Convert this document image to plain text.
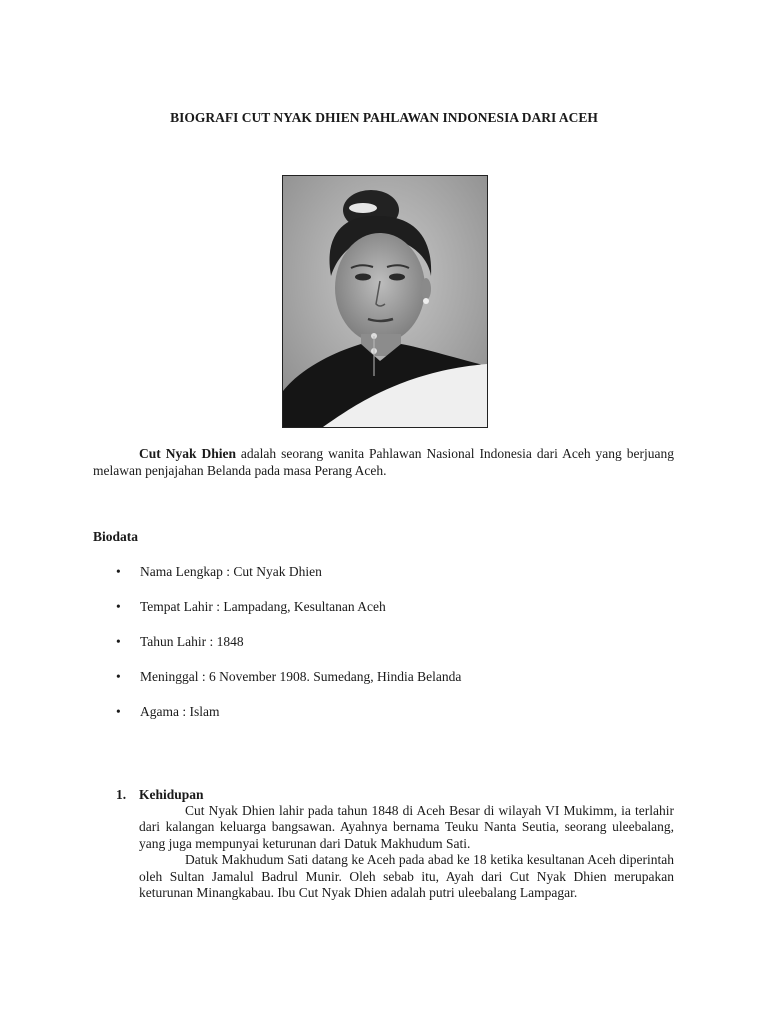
BIOGRAFI CUT NYAK DHIEN PAHLAWAN INDONESIA DARI ACEH
Cut Nyak Dhien adalah seorang wanita Pahlawan Nasional Indonesia dari Aceh yang berjuang melawan penjajahan Belanda pada masa Perang Aceh.
Biodata
•	Nama Lengkap : Cut Nyak Dhien
•	Tempat Lahir : Lampadang, Kesultanan Aceh
•	Tahun Lahir : 1848
•	Meninggal : 6 November 1908. Sumedang, Hindia Belanda
•	Agama : Islam
1. Kehidupan

Cut Nyak Dhien lahir pada tahun 1848 di Aceh Besar di wilayah VI Mukimm, ia terlahir dari kalangan keluarga bangsawan. Ayahnya bernama Teuku Nanta Seutia, seorang uleebalang, yang juga mempunyai keturunan dari Datuk Makhudum Sati.

Datuk Makhudum Sati datang ke Aceh pada abad ke 18 ketika kesultanan Aceh diperintah oleh Sultan Jamalul Badrul Munir. Oleh sebab itu, Ayah dari Cut Nyak Dhien merupakan keturunan Minangkabau. Ibu Cut Nyak Dhien adalah putri uleebalang Lampagar.
